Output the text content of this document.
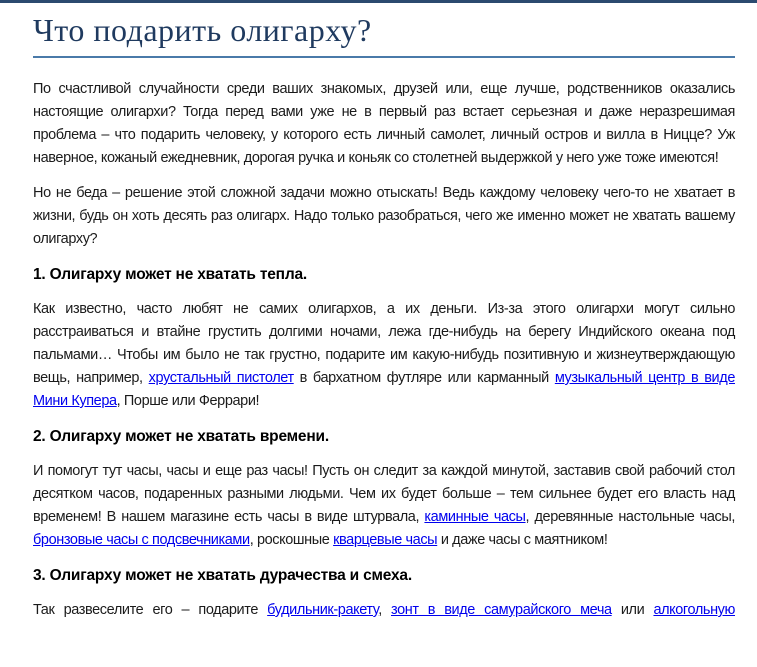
Что подарить олигарху?

По счастливой случайности среди ваших знакомых, друзей или, еще лучше, родственников оказались настоящие олигархи? Тогда перед вами уже не в первый раз встает серьезная и даже неразрешимая проблема – что подарить человеку, у которого есть личный самолет, личный остров и вилла в Ницце? Уж наверное, кожаный ежедневник, дорогая ручка и коньяк со столетней выдержкой у него уже тоже имеются!

Но не беда – решение этой сложной задачи можно отыскать! Ведь каждому человеку чего-то не хватает в жизни, будь он хоть десять раз олигарх. Надо только разобраться, чего же именно может не хватать вашему олигарху?

1. Олигарху может не хватать тепла.

Как известно, часто любят не самих олигархов, а их деньги. Из-за этого олигархи могут сильно расстраиваться и втайне грустить долгими ночами, лежа где-нибудь на берегу Индийского океана под пальмами… Чтобы им было не так грустно, подарите им какую-нибудь позитивную и жизнеутверждающую вещь, например, хрустальный пистолет в бархатном футляре или карманный музыкальный центр в виде Мини Купера, Порше или Феррари!

2. Олигарху может не хватать времени.

И помогут тут часы, часы и еще раз часы! Пусть он следит за каждой минутой, заставив свой рабочий стол десятком часов, подаренных разными людьми. Чем их будет больше – тем сильнее будет его власть над временем! В нашем магазине есть часы в виде штурвала, каминные часы, деревянные настольные часы, бронзовые часы с подсвечниками, роскошные кварцевые часы и даже часы с маятником!

3. Олигарху может не хватать дурачества и смеха.

Так развеселите его – подарите будильник-ракету, зонт в виде самурайского меча или алкогольную
